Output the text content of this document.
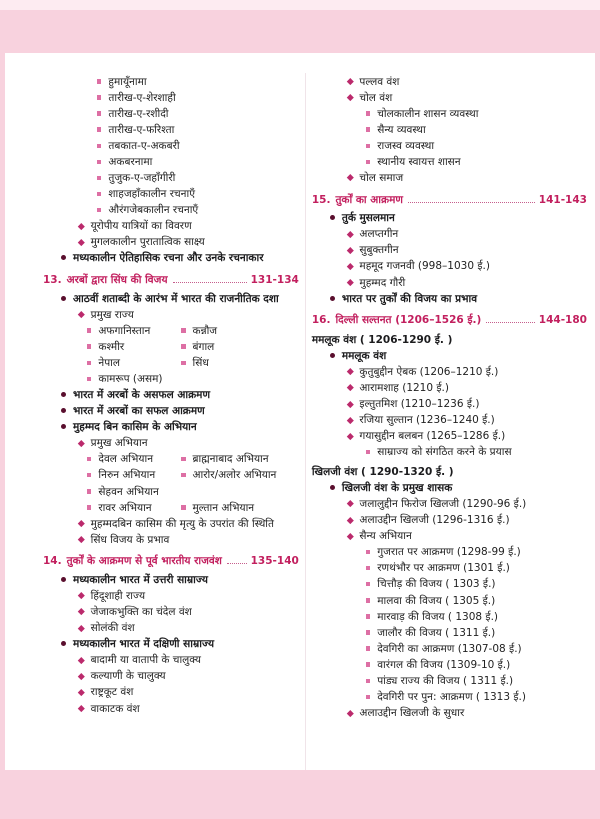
हुमायूँनामा
तारीख-ए-शेरशाही
तारीख-ए-रशीदी
तारीख-ए-फरिश्ता
तबकात-ए-अकबरी
अकबरनामा
तुजुक-ए-जहाँगीरी
शाहजहाँकालीन रचनाएँ
औरंगजेबकालीन रचनाएँ
यूरोपीय यात्रियों का विवरण
मुगलकालीन पुरातात्विक साक्ष्य
मध्यकालीन ऐतिहासिक रचना और उनके रचनाकार
13. अरबों द्वारा सिंध की विजय	131-134
आठवीं शताब्दी के आरंभ में भारत की राजनीतिक दशा
प्रमुख राज्य
अफगानिस्तान	कन्नौज
कश्मीर	बंगाल
नेपाल	सिंध
कामरूप (असम)
भारत में अरबों के असफल आक्रमण
भारत में अरबों का सफल आक्रमण
मुहम्मद बिन कासिम के अभियान
प्रमुख अभियान
देवल अभियान	ब्राह्मनाबाद अभियान
निरुन अभियान	आरोर/अलोर अभियान
सेहवन अभियान
रावर अभियान	मुल्तान अभियान
मुहम्मदबिन कासिम की मृत्यु के उपरांत की स्थिति
सिंध विजय के प्रभाव
14. तुर्कों के आक्रमण से पूर्व भारतीय राजवंश	135-140
मध्यकालीन भारत में उत्तरी साम्राज्य
हिंदूशाही राज्य
जेजाकभुक्ति का चंदेल वंश
सोलंकी वंश
मध्यकालीन भारत में दक्षिणी साम्राज्य
बादामी या वातापी के चालुक्य
कल्याणी के चालुक्य
राष्ट्रकूट वंश
वाकाटक वंश
पल्लव वंश
चोल वंश
चोलकालीन शासन व्यवस्था
सैन्य व्यवस्था
राजस्व व्यवस्था
स्थानीय स्वायत्त शासन
चोल समाज
15. तुर्कों का आक्रमण	141-143
तुर्क मुसलमान
अलप्तगीन
सुबुक्तगीन
महमूद गजनवी (998–1030 ई.)
मुहम्मद गौरी
भारत पर तुर्कों की विजय का प्रभाव
16. दिल्ली सल्तनत (1206–1526 ई.)	144-180
ममलूक वंश ( 1206-1290 ई. )
ममलूक वंश
कुतुबुद्दीन ऐबक (1206–1210 ई.)
आरामशाह (1210 ई.)
इल्तुतमिश (1210–1236 ई.)
रजिया सुल्तान (1236–1240 ई.)
गयासुद्दीन बलबन (1265–1286 ई.)
साम्राज्य को संगठित करने के प्रयास
खिलजी वंश ( 1290-1320 ई. )
खिलजी वंश के प्रमुख शासक
जलालुद्दीन फिरोज खिलजी (1290-96 ई.)
अलाउद्दीन खिलजी (1296-1316 ई.)
सैन्य अभियान
गुजरात पर आक्रमण (1298-99 ई.)
रणथंभौर पर आक्रमण (1301 ई.)
चित्तौड़ की विजय ( 1303 ई.)
मालवा की विजय ( 1305 ई.)
मारवाड़ की विजय ( 1308 ई.)
जालौर की विजय ( 1311 ई.)
देवगिरी का आक्रमण (1307-08 ई.)
वारंगल की विजय (1309-10 ई.)
पांड्य राज्य की विजय ( 1311 ई.)
देवगिरी पर पुन: आक्रमण ( 1313 ई.)
अलाउद्दीन खिलजी के सुधार
